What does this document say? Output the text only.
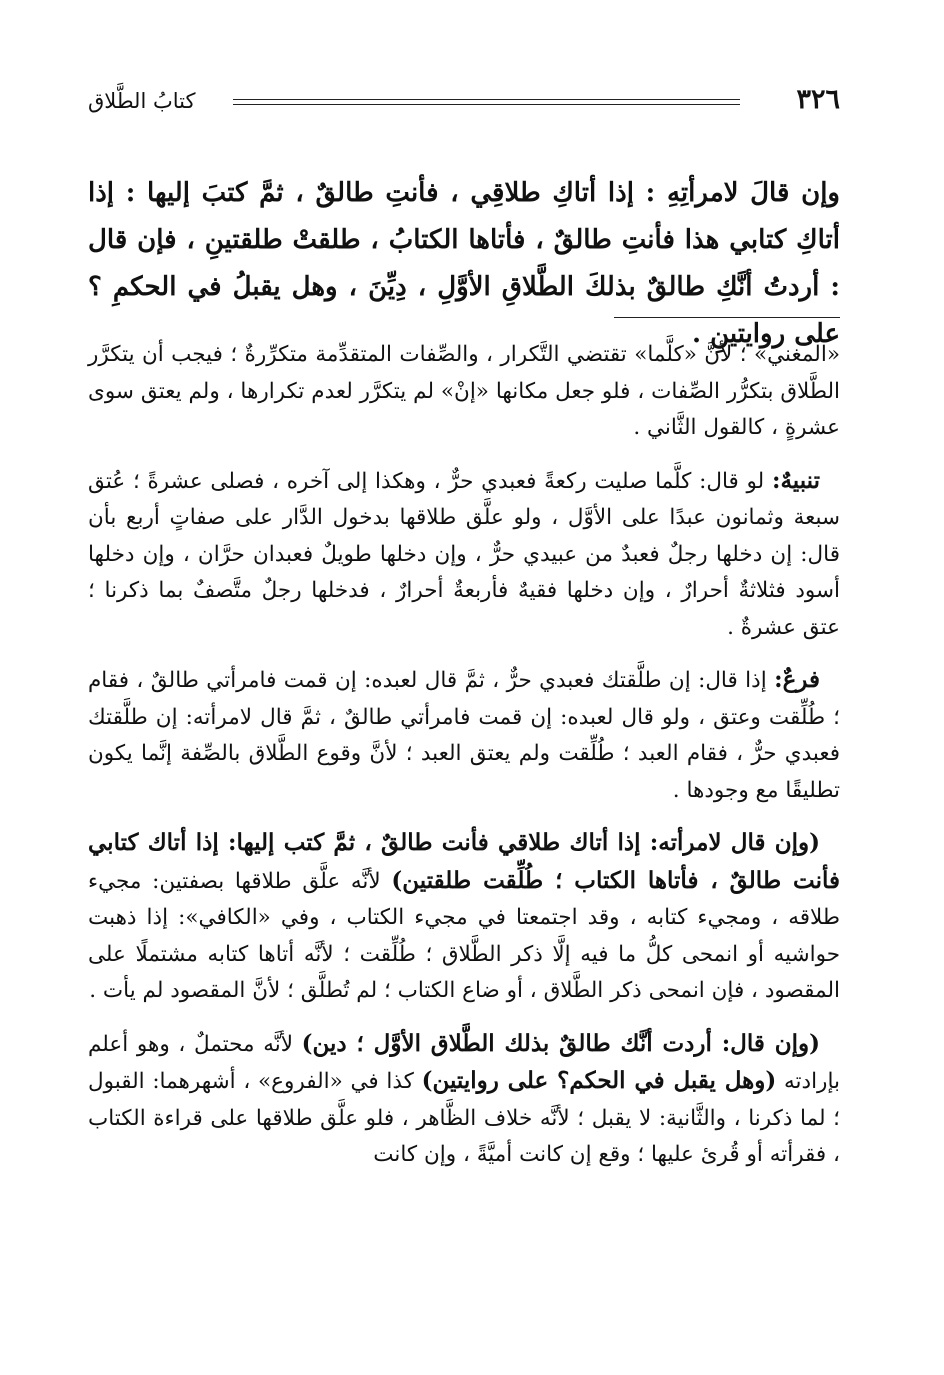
٣٢٦
كتابُ الطَّلاق
وإن قالَ لامرأتِهِ : إذا أتاكِ طلاقِي ، فأنتِ طالقٌ ، ثمَّ كتبَ إليها : إذا أتاكِ كتابي هذا فأنتِ طالقٌ ، فأتاها الكتابُ ، طلقتْ طلقتينِ ، فإن قال : أردتُ أنَّكِ طالقٌ بذلكَ الطَّلاقِ الأوَّلِ ، دِيِّنَ ، وهل يقبلُ في الحكمِ ؟ على روايتينِ .

«المغني» ؛ لأنَّ «كلَّما» تقتضي التَّكرار ، والصِّفات المتقدِّمة متكرِّرةٌ ؛ فيجب أن يتكرَّر الطَّلاق بتكرُّر الصِّفات ، فلو جعل مكانها «إنْ» لم يتكرَّر لعدم تكرارها ، ولم يعتق سوى عشرةٍ ، كالقول الثَّاني .

تنبيهٌ: لو قال: كلَّما صليت ركعةً فعبدي حرٌّ ، وهكذا إلى آخره ، فصلى عشرةً ؛ عُتق سبعة وثمانون عبدًا على الأوَّل ، ولو علَّق طلاقها بدخول الدَّار على صفاتٍ أربع بأن قال: إن دخلها رجلٌ فعبدٌ من عبيدي حرٌّ ، وإن دخلها طويلٌ فعبدان حرَّان ، وإن دخلها أسود فثلاثةٌ أحرارٌ ، وإن دخلها فقيهٌ فأربعةٌ أحرارٌ ، فدخلها رجلٌ متَّصفٌ بما ذكرنا ؛ عتق عشرةٌ .

فرعٌ: إذا قال: إن طلَّقتك فعبدي حرٌّ ، ثمَّ قال لعبده: إن قمت فامرأتي طالقٌ ، فقام ؛ طُلِّقت وعتق ، ولو قال لعبده: إن قمت فامرأتي طالقٌ ، ثمَّ قال لامرأته: إن طلَّقتك فعبدي حرٌّ ، فقام العبد ؛ طُلِّقت ولم يعتق العبد ؛ لأنَّ وقوع الطَّلاق بالصِّفة إنَّما يكون تطليقًا مع وجودها .

(وإن قال لامرأته: إذا أتاك طلاقي فأنت طالقٌ ، ثمَّ كتب إليها: إذا أتاك كتابي فأنت طالقٌ ، فأتاها الكتاب ؛ طُلِّقت طلقتين) لأنَّه علَّق طلاقها بصفتين: مجيء طلاقه ، ومجيء كتابه ، وقد اجتمعتا في مجيء الكتاب ، وفي «الكافي»: إذا ذهبت حواشيه أو انمحى كلُّ ما فيه إلَّا ذكر الطَّلاق ؛ طُلِّقت ؛ لأنَّه أتاها كتابه مشتملًا على المقصود ، فإن انمحى ذكر الطَّلاق ، أو ضاع الكتاب ؛ لم تُطلَّق ؛ لأنَّ المقصود لم يأت .

(وإن قال: أردت أنَّك طالقٌ بذلك الطَّلاق الأوَّل ؛ دين) لأنَّه محتملٌ ، وهو أعلم بإرادته (وهل يقبل في الحكم؟ على روايتين) كذا في «الفروع» ، أشهرهما: القبول ؛ لما ذكرنا ، والثَّانية: لا يقبل ؛ لأنَّه خلاف الظَّاهر ، فلو علَّق طلاقها على قراءة الكتاب ، فقرأته أو قُرئ عليها ؛ وقع إن كانت أميَّةً ، وإن كانت
